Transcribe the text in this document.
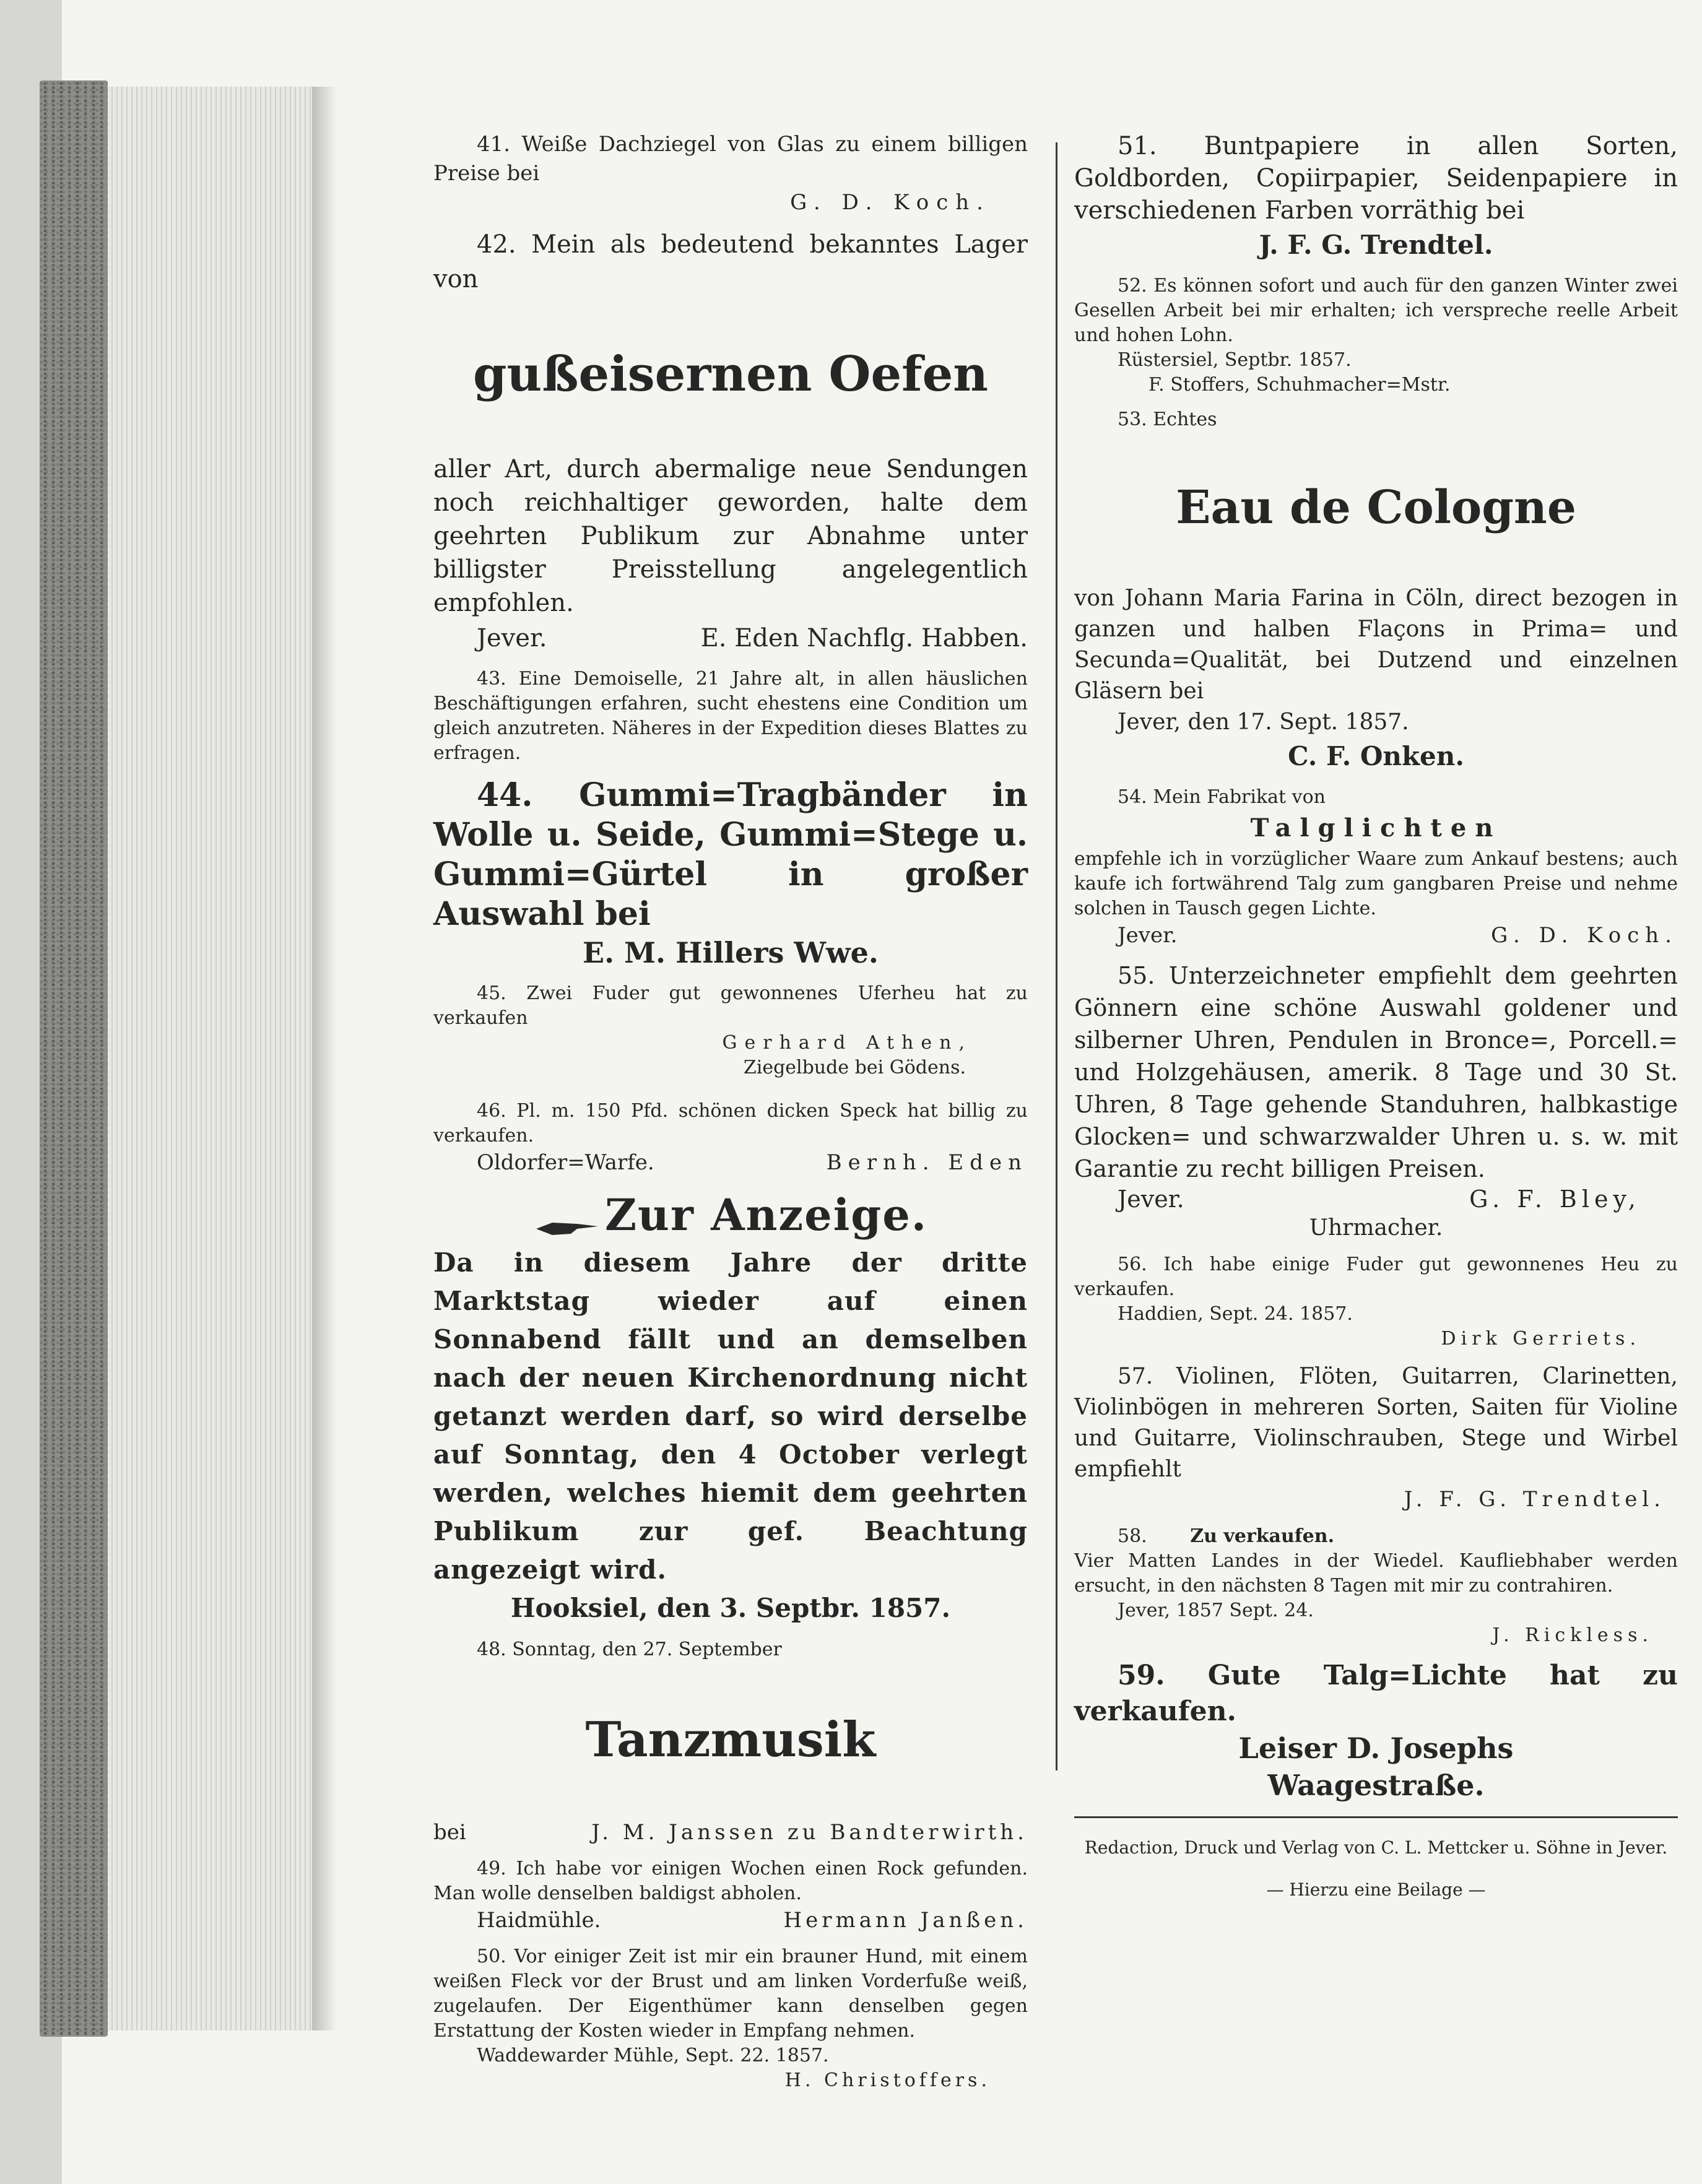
41. Weiße Dachziegel von Glas zu einem billigen Preise bei

G. D. Koch.

42. Mein als bedeutend bekanntes Lager von

gußeisernen Oefen

aller Art, durch abermalige neue Sendungen noch reichhaltiger geworden, halte dem geehrten Publikum zur Abnahme unter billigster Preisstellung angelegentlich empfohlen.

Jever.	E. Eden Nachflg. Habben.

43. Eine Demoiselle, 21 Jahre alt, in allen häuslichen Beschäftigungen erfahren, sucht ehestens eine Condition um gleich anzutreten. Näheres in der Expedition dieses Blattes zu erfragen.

44. Gummi=Tragbänder in Wolle u. Seide, Gummi=Stege u. Gummi=Gürtel in großer Auswahl bei

E. M. Hillers Wwe.

45. Zwei Fuder gut gewonnenes Uferheu hat zu verkaufen

Gerhard Athen,

Ziegelbude bei Gödens.

46. Pl. m. 150 Pfd. schönen dicken Speck hat billig zu verkaufen.

Oldorfer=Warfe.	Bernh. Eden
Zur Anzeige.

Da in diesem Jahre der dritte Marktstag wieder auf einen Sonnabend fällt und an demselben nach der neuen Kirchenordnung nicht getanzt werden darf, so wird derselbe auf Sonntag, den 4 October verlegt werden, welches hiemit dem geehrten Publikum zur gef. Beachtung angezeigt wird.

Hooksiel, den 3. Septbr. 1857.

48. Sonntag, den 27. September

Tanzmusik

bei	J. M. Janssen zu Bandterwirth.

49. Ich habe vor einigen Wochen einen Rock gefunden. Man wolle denselben baldigst abholen.

Haidmühle.	Hermann Janßen.

50. Vor einiger Zeit ist mir ein brauner Hund, mit einem weißen Fleck vor der Brust und am linken Vorderfuße weiß, zugelaufen. Der Eigenthümer kann denselben gegen Erstattung der Kosten wieder in Empfang nehmen.

Waddewarder Mühle, Sept. 22. 1857.

H. Christoffers.

51. Buntpapiere in allen Sorten, Goldborden, Copiirpapier, Seidenpapiere in verschiedenen Farben vorräthig bei

J. F. G. Trendtel.

52. Es können sofort und auch für den ganzen Winter zwei Gesellen Arbeit bei mir erhalten; ich verspreche reelle Arbeit und hohen Lohn.

Rüstersiel, Septbr. 1857.

F. Stoffers, Schuhmacher=Mstr.

53. Echtes

Eau de Cologne

von Johann Maria Farina in Cöln, direct bezogen in ganzen und halben Flaçons in Prima= und Secunda=Qualität, bei Dutzend und einzelnen Gläsern bei

Jever, den 17. Sept. 1857.

C. F. Onken.

54. Mein Fabrikat von

Talglichten

empfehle ich in vorzüglicher Waare zum Ankauf bestens; auch kaufe ich fortwährend Talg zum gangbaren Preise und nehme solchen in Tausch gegen Lichte.

Jever.	G. D. Koch.

55. Unterzeichneter empfiehlt dem geehrten Gönnern eine schöne Auswahl goldener und silberner Uhren, Pendulen in Bronce=, Porcell.= und Holzgehäusen, amerik. 8 Tage und 30 St. Uhren, 8 Tage gehende Standuhren, halbkastige Glocken= und schwarzwalder Uhren u. s. w. mit Garantie zu recht billigen Preisen.

Jever.	G. F. Bley,

Uhrmacher.

56. Ich habe einige Fuder gut gewonnenes Heu zu verkaufen.

Haddien, Sept. 24. 1857.

Dirk Gerriets.

57. Violinen, Flöten, Guitarren, Clarinetten, Violinbögen in mehreren Sorten, Saiten für Violine und Guitarre, Violinschrauben, Stege und Wirbel empfiehlt

J. F. G. Trendtel.

58. Zu verkaufen.

Vier Matten Landes in der Wiedel. Kaufliebhaber werden ersucht, in den nächsten 8 Tagen mit mir zu contrahiren.

Jever, 1857 Sept. 24.

J. Rickless.

59. Gute Talg=Lichte hat zu verkaufen.

Leiser D. Josephs

Waagestraße.

Redaction, Druck und Verlag von C. L. Mettcker u. Söhne in Jever.

— Hierzu eine Beilage —
